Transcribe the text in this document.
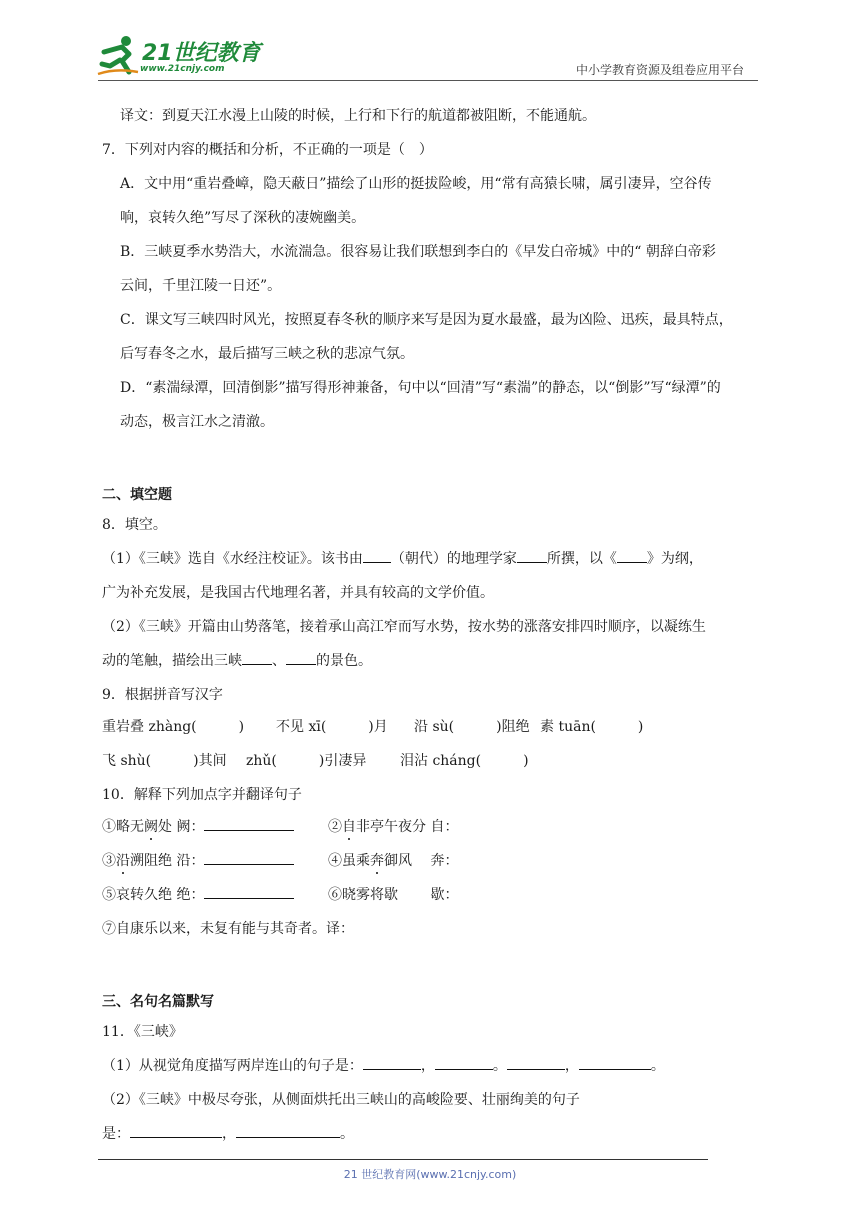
21世纪教育
www.21cnjy.com	中小学教育资源及组卷应用平台
译文：到夏天江水漫上山陵的时候，上行和下行的航道都被阻断，不能通航。
7．下列对内容的概括和分析，不正确的一项是（　）
A．文中用“重岩叠嶂，隐天蔽日”描绘了山形的挺拔险峻，用“常有高猿长啸，属引凄异，空谷传
响，哀转久绝”写尽了深秋的凄婉幽美。
B．三峡夏季水势浩大，水流湍急。很容易让我们联想到李白的《早发白帝城》中的“ 朝辞白帝彩
云间，千里江陵一日还”。
C．课文写三峡四时风光，按照夏春冬秋的顺序来写是因为夏水最盛，最为凶险、迅疾，最具特点，
后写春冬之水，最后描写三峡之秋的悲凉气氛。
D．“素湍绿潭，回清倒影”描写得形神兼备，句中以“回清”写“素湍”的静态，以“倒影”写“绿潭”的
动态，极言江水之清澈。
二、填空题
8．填空。
（1）《三峡》选自《水经注校证》。该书由 （朝代）的地理学家 所撰，以《 》为纲，
广为补充发展，是我国古代地理名著，并具有较高的文学价值。
（2）《三峡》开篇由山势落笔，接着承山高江窄而写水势，按水势的涨落安排四时顺序，以凝练生
动的笔触，描绘出三峡 、 的景色。
9．根据拼音写汉字
重岩叠 zhàng(　　　) 不见 xī(　　　)月 沿 sù(　　　)阻绝 素 tuān(　　　)
飞 shù(　　　)其间 zhǔ(　　　)引凄异 泪沾 cháng(　　　)
10．解释下列加点字并翻译句子
①略无阙处 阙：	②自非亭午夜分 自：
③沿溯阻绝 沿：	④虽乘奔御风　 奔：
⑤哀转久绝 绝：	⑥晓雾将歇　　 歇：
⑦自康乐以来，未复有能与其奇者。译：
三、名句名篇默写
11．《三峡》
（1）从视觉角度描写两岸连山的句子是：	，	。	，	。
（2）《三峡》中极尽夸张，从侧面烘托出三峡山的高峻险要、壮丽绚美的句子
是：	，	。
21 世纪教育网(www.21cnjy.com)
